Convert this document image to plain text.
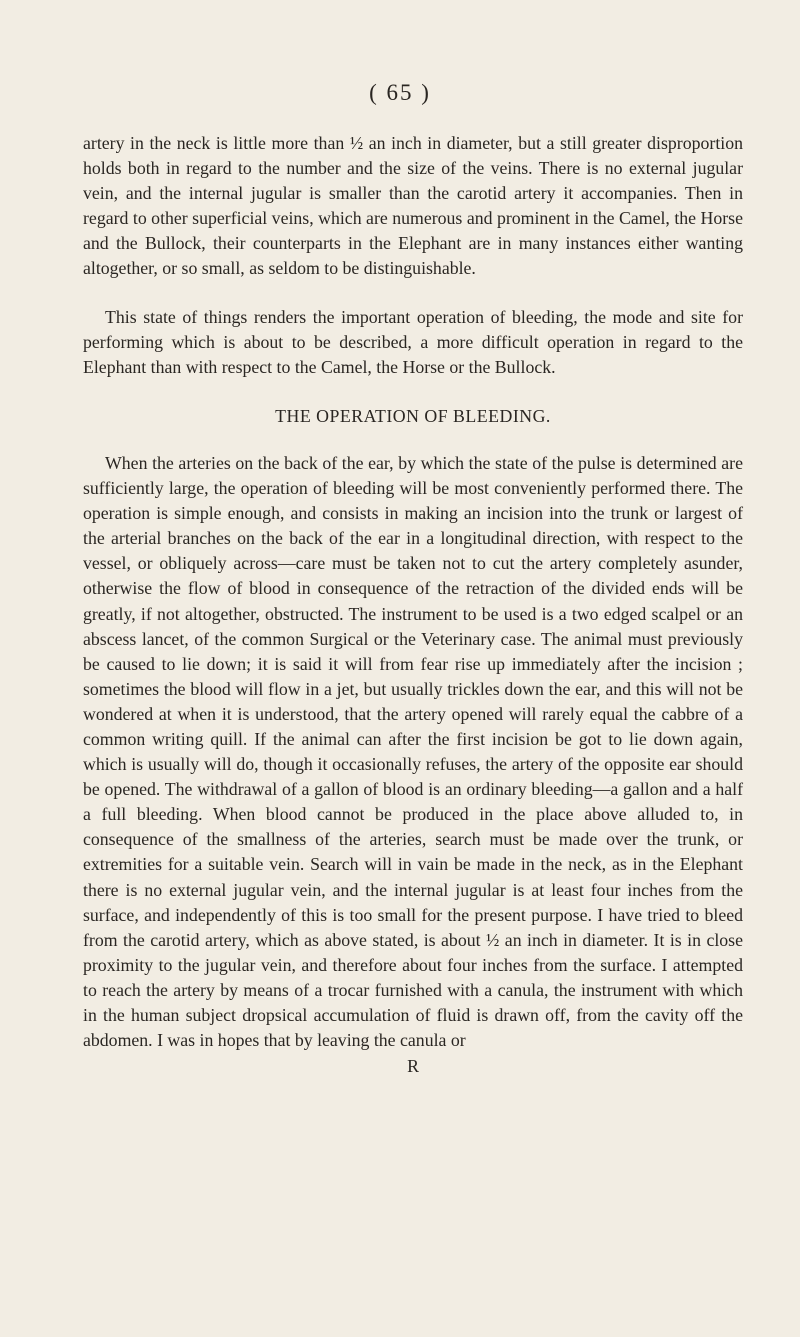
( 65 )

artery in the neck is little more than ½ an inch in diameter, but a still greater disproportion holds both in regard to the number and the size of the veins. There is no external jugular vein, and the internal jugular is smaller than the carotid artery it accompanies. Then in regard to other superficial veins, which are numerous and prominent in the Camel, the Horse and the Bullock, their counterparts in the Elephant are in many instances either wanting altogether, or so small, as seldom to be distinguishable.

This state of things renders the important operation of bleeding, the mode and site for performing which is about to be described, a more difficult operation in regard to the Elephant than with respect to the Camel, the Horse or the Bullock.

THE OPERATION OF BLEEDING.

When the arteries on the back of the ear, by which the state of the pulse is determined are sufficiently large, the operation of bleeding will be most conveniently performed there. The operation is simple enough, and consists in making an incision into the trunk or largest of the arterial branches on the back of the ear in a longitudinal direction, with respect to the vessel, or obliquely across—care must be taken not to cut the artery completely asunder, otherwise the flow of blood in consequence of the retraction of the divided ends will be greatly, if not altogether, obstructed. The instrument to be used is a two edged scalpel or an abscess lancet, of the common Surgical or the Veterinary case. The animal must previously be caused to lie down; it is said it will from fear rise up immediately after the incision ; sometimes the blood will flow in a jet, but usually trickles down the ear, and this will not be wondered at when it is understood, that the artery opened will rarely equal the cabbre of a common writing quill. If the animal can after the first incision be got to lie down again, which is usually will do, though it occasionally refuses, the artery of the opposite ear should be opened. The withdrawal of a gallon of blood is an ordinary bleeding—a gallon and a half a full bleeding. When blood cannot be produced in the place above alluded to, in consequence of the smallness of the arteries, search must be made over the trunk, or extremities for a suitable vein. Search will in vain be made in the neck, as in the Elephant there is no external jugular vein, and the internal jugular is at least four inches from the surface, and independently of this is too small for the present purpose. I have tried to bleed from the carotid artery, which as above stated, is about ½ an inch in diameter. It is in close proximity to the jugular vein, and therefore about four inches from the surface. I attempted to reach the artery by means of a trocar furnished with a canula, the instrument with which in the human subject dropsical accumulation of fluid is drawn off, from the cavity off the abdomen. I was in hopes that by leaving the canula or

R
